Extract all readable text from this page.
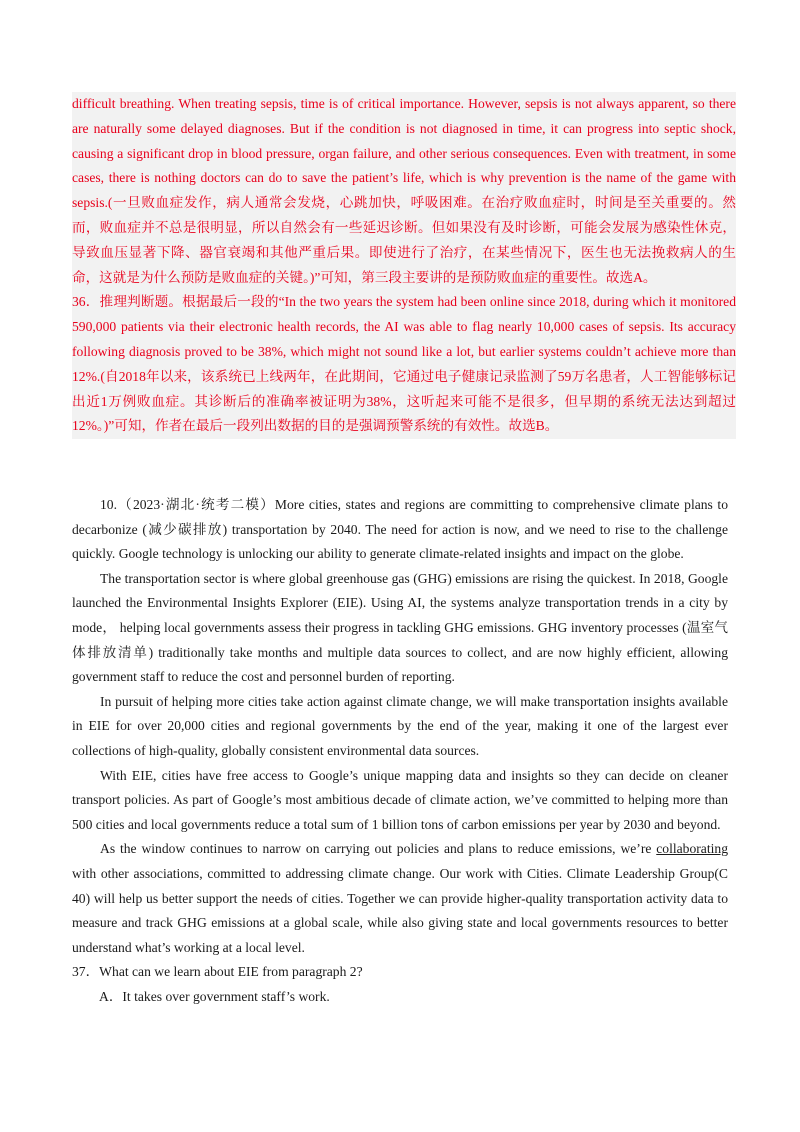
difficult breathing. When treating sepsis, time is of critical importance. However, sepsis is not always apparent, so there are naturally some delayed diagnoses. But if the condition is not diagnosed in time, it can progress into septic shock, causing a significant drop in blood pressure, organ failure, and other serious consequences. Even with treatment, in some cases, there is nothing doctors can do to save the patient’s life, which is why prevention is the name of the game with sepsis.(一旦败血症发作，病人通常会发烧，心跳加快，呼吸困难。在治疗败血症时，时间是至关重要的。然而，败血症并不总是很明显，所以自然会有一些延迟诊断。但如果没有及时诊断，可能会发展为感染性休克，导致血压显著下降、器官衰竭和其他严重后果。即使进行了治疗，在某些情况下，医生也无法挽救病人的生命，这就是为什么预防是败血症的关键。)”可知，第三段主要讲的是预防败血症的重要性。故选A。

36．推理判断题。根据最后一段的“In the two years the system had been online since 2018, during which it monitored 590,000 patients via their electronic health records, the AI was able to flag nearly 10,000 cases of sepsis. Its accuracy following diagnosis proved to be 38%, which might not sound like a lot, but earlier systems couldn’t achieve more than 12%.(自2018年以来，该系统已上线两年，在此期间，它通过电子健康记录监测了59万名患者，人工智能够标记出近1万例败血症。其诊断后的准确率被证明为38%，这听起来可能不是很多，但早期的系统无法达到超过12%。)”可知，作者在最后一段列出数据的目的是强调预警系统的有效性。故选B。

10.（2023·湖北·统考二模）More cities, states and regions are committing to comprehensive climate plans to decarbonize (减少碳排放) transportation by 2040. The need for action is now, and we need to rise to the challenge quickly. Google technology is unlocking our ability to generate climate-related insights and impact on the globe.

The transportation sector is where global greenhouse gas (GHG) emissions are rising the quickest. In 2018, Google launched the Environmental Insights Explorer (EIE). Using AI, the systems analyze transportation trends in a city by mode， helping local governments assess their progress in tackling GHG emissions. GHG inventory processes (温室气体排放清单) traditionally take months and multiple data sources to collect, and are now highly efficient, allowing government staff to reduce the cost and personnel burden of reporting.

In pursuit of helping more cities take action against climate change, we will make transportation insights available in EIE for over 20,000 cities and regional governments by the end of the year, making it one of the largest ever collections of high-quality, globally consistent environmental data sources.

With EIE, cities have free access to Google’s unique mapping data and insights so they can decide on cleaner transport policies. As part of Google’s most ambitious decade of climate action, we’ve committed to helping more than 500 cities and local governments reduce a total sum of 1 billion tons of carbon emissions per year by 2030 and beyond.

As the window continues to narrow on carrying out policies and plans to reduce emissions, we’re collaborating with other associations, committed to addressing climate change. Our work with Cities. Climate Leadership Group(C 40) will help us better support the needs of cities. Together we can provide higher-quality transportation activity data to measure and track GHG emissions at a global scale, while also giving state and local governments resources to better understand what’s working at a local level.

37．What can we learn about EIE from paragraph 2?

A．It takes over government staff’s work.
